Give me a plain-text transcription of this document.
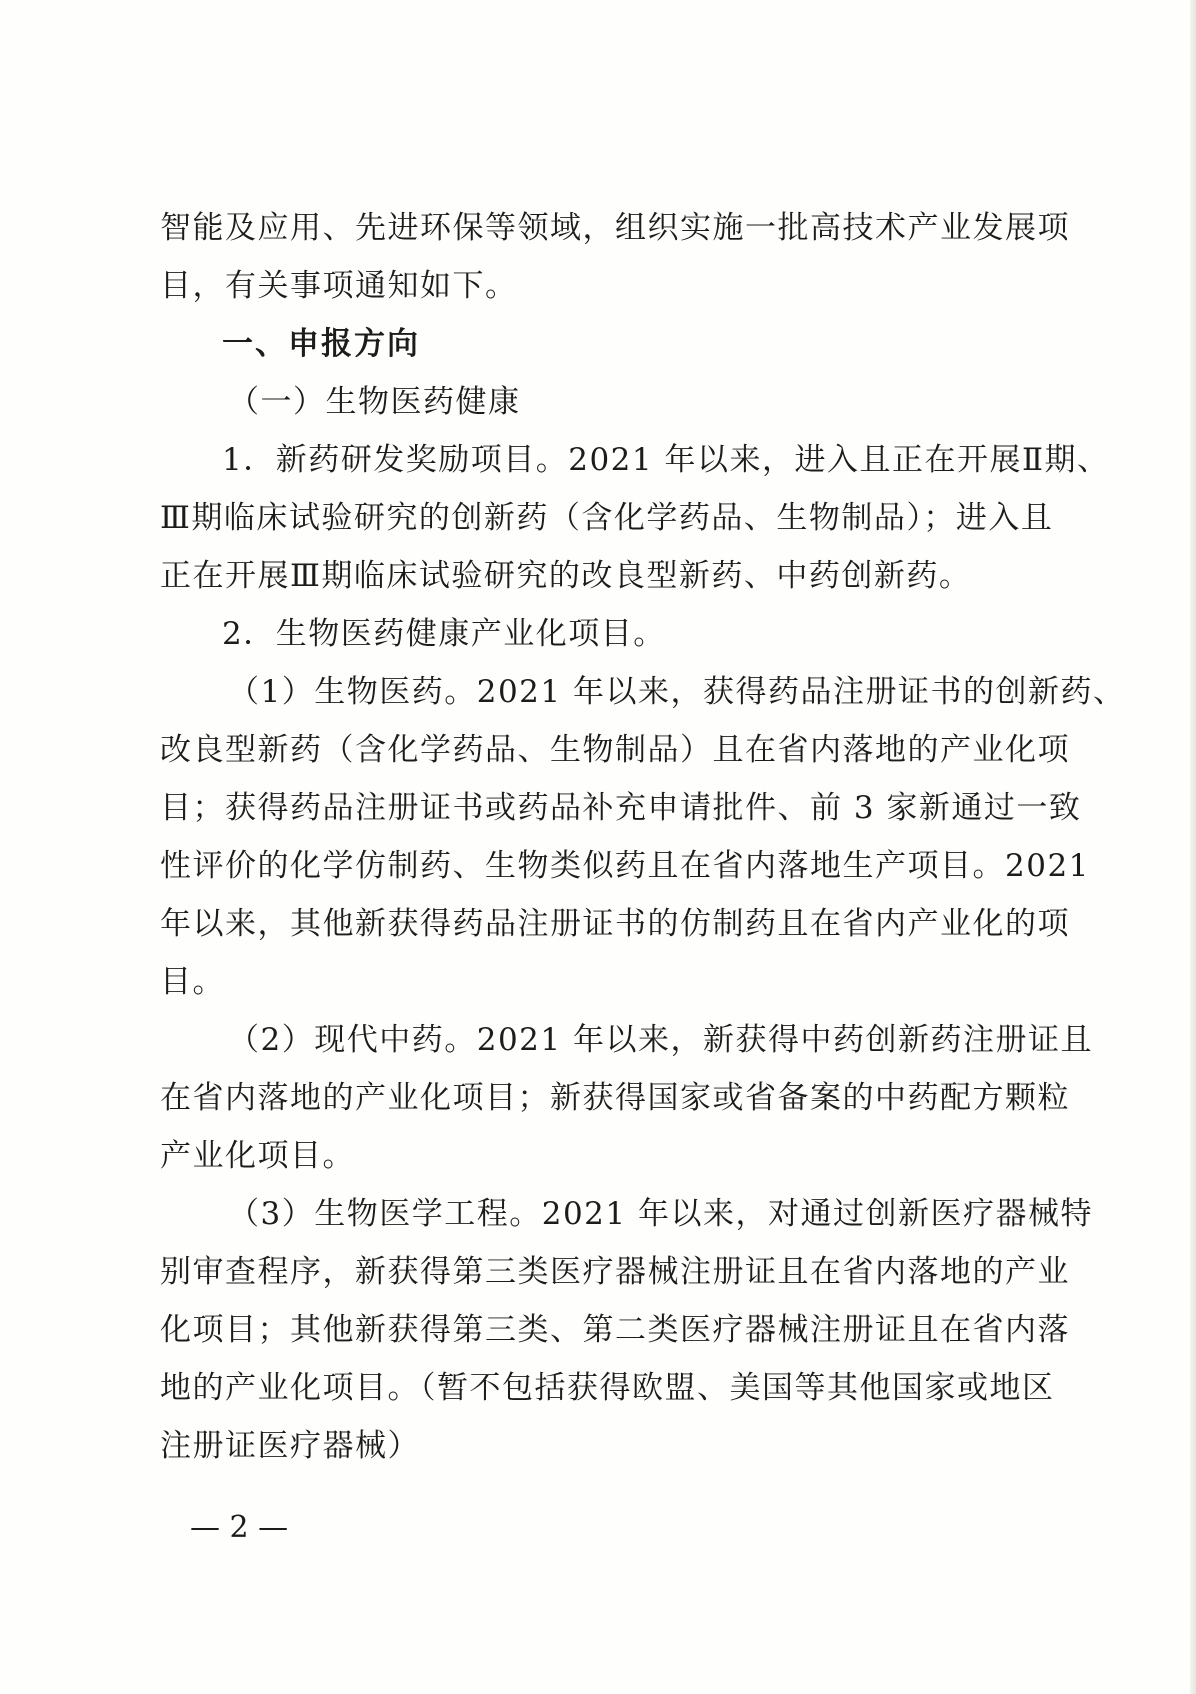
智能及应用、先进环保等领域，组织实施一批高技术产业发展项
目，有关事项通知如下。
一、申报方向
（一）生物医药健康
1．新药研发奖励项目。2021 年以来，进入且正在开展Ⅱ期、
Ⅲ期临床试验研究的创新药（含化学药品、生物制品）；进入且
正在开展Ⅲ期临床试验研究的改良型新药、中药创新药。
2．生物医药健康产业化项目。
（1）生物医药。2021 年以来，获得药品注册证书的创新药、
改良型新药（含化学药品、生物制品）且在省内落地的产业化项
目；获得药品注册证书或药品补充申请批件、前 3 家新通过一致
性评价的化学仿制药、生物类似药且在省内落地生产项目。2021
年以来，其他新获得药品注册证书的仿制药且在省内产业化的项
目。
（2）现代中药。2021 年以来，新获得中药创新药注册证且
在省内落地的产业化项目；新获得国家或省备案的中药配方颗粒
产业化项目。
（3）生物医学工程。2021 年以来，对通过创新医疗器械特
别审查程序，新获得第三类医疗器械注册证且在省内落地的产业
化项目；其他新获得第三类、第二类医疗器械注册证且在省内落
地的产业化项目。（暂不包括获得欧盟、美国等其他国家或地区
注册证医疗器械）
— 2 —
